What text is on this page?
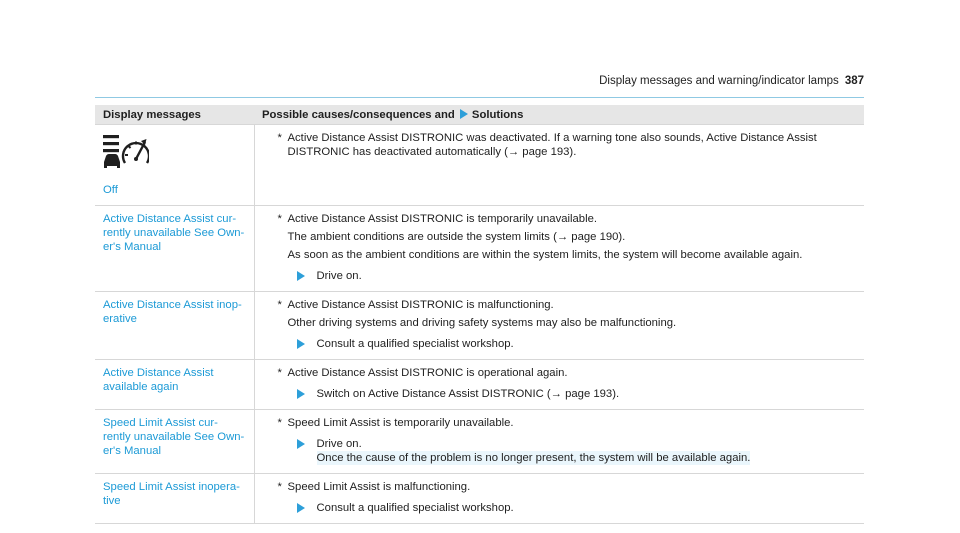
Display messages and warning/indicator lamps 387
Display messages	Possible causes/consequences and Solutions

Off	* Active Distance Assist DISTRONIC was deactivated. If a warning tone also sounds, Active Distance Assist DISTRONIC has deactivated automatically (→ page 193).

Active Distance Assist cur-rently unavailable See Own-er's Manual	* Active Distance Assist DISTRONIC is temporarily unavailable.
The ambient conditions are outside the system limits (→ page 190).
As soon as the ambient conditions are within the system limits, the system will become available again.
Drive on.

Active Distance Assist inop-erative	* Active Distance Assist DISTRONIC is malfunctioning.
Other driving systems and driving safety systems may also be malfunctioning.
Consult a qualified specialist workshop.

Active Distance Assist available again	* Active Distance Assist DISTRONIC is operational again.
Switch on Active Distance Assist DISTRONIC (→ page 193).

Speed Limit Assist cur-rently unavailable See Own-er's Manual	* Speed Limit Assist is temporarily unavailable.
Drive on.
Once the cause of the problem is no longer present, the system will be available again.

Speed Limit Assist inopera-tive	* Speed Limit Assist is malfunctioning.
Consult a qualified specialist workshop.
